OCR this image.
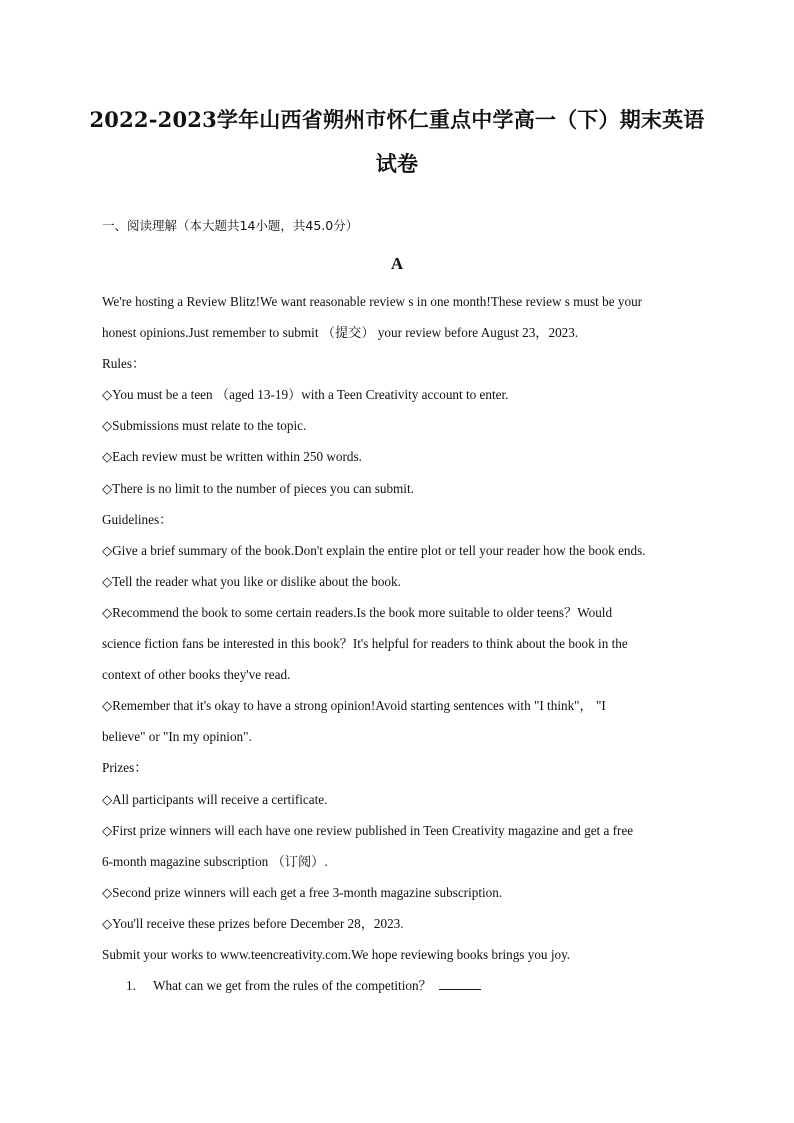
2022-2023学年山西省朔州市怀仁重点中学高一（下）期末英语
试卷
一、阅读理解（本大题共14小题，共45.0分）
A
We're hosting a Review Blitz!We want reasonable review s in one month!These review s must be your
honest opinions.Just remember to submit （提交） your review before August 23，2023.
Rules：
◇You must be a teen （aged 13-19）with a Teen Creativity account to enter.
◇Submissions must relate to the topic.
◇Each review must be written within 250 words.
◇There is no limit to the number of pieces you can submit.
Guidelines：
◇Give a brief summary of the book.Don't explain the entire plot or tell your reader how the book ends.
◇Tell the reader what you like or dislike about the book.
◇Recommend the book to some certain readers.Is the book more suitable to older teens？Would
science fiction fans be interested in this book？It's helpful for readers to think about the book in the
context of other books they've read.
◇Remember that it's okay to have a strong opinion!Avoid starting sentences with "I think"， "I
believe" or "In my opinion".
Prizes：
◇All participants will receive a certificate.
◇First prize winners will each have one review published in Teen Creativity magazine and get a free
6-month magazine subscription （订阅）.
◇Second prize winners will each get a free 3-month magazine subscription.
◇You'll receive these prizes before December 28，2023.
Submit your works to www.teencreativity.com.We hope reviewing books brings you joy.
1. What can we get from the rules of the competition？
